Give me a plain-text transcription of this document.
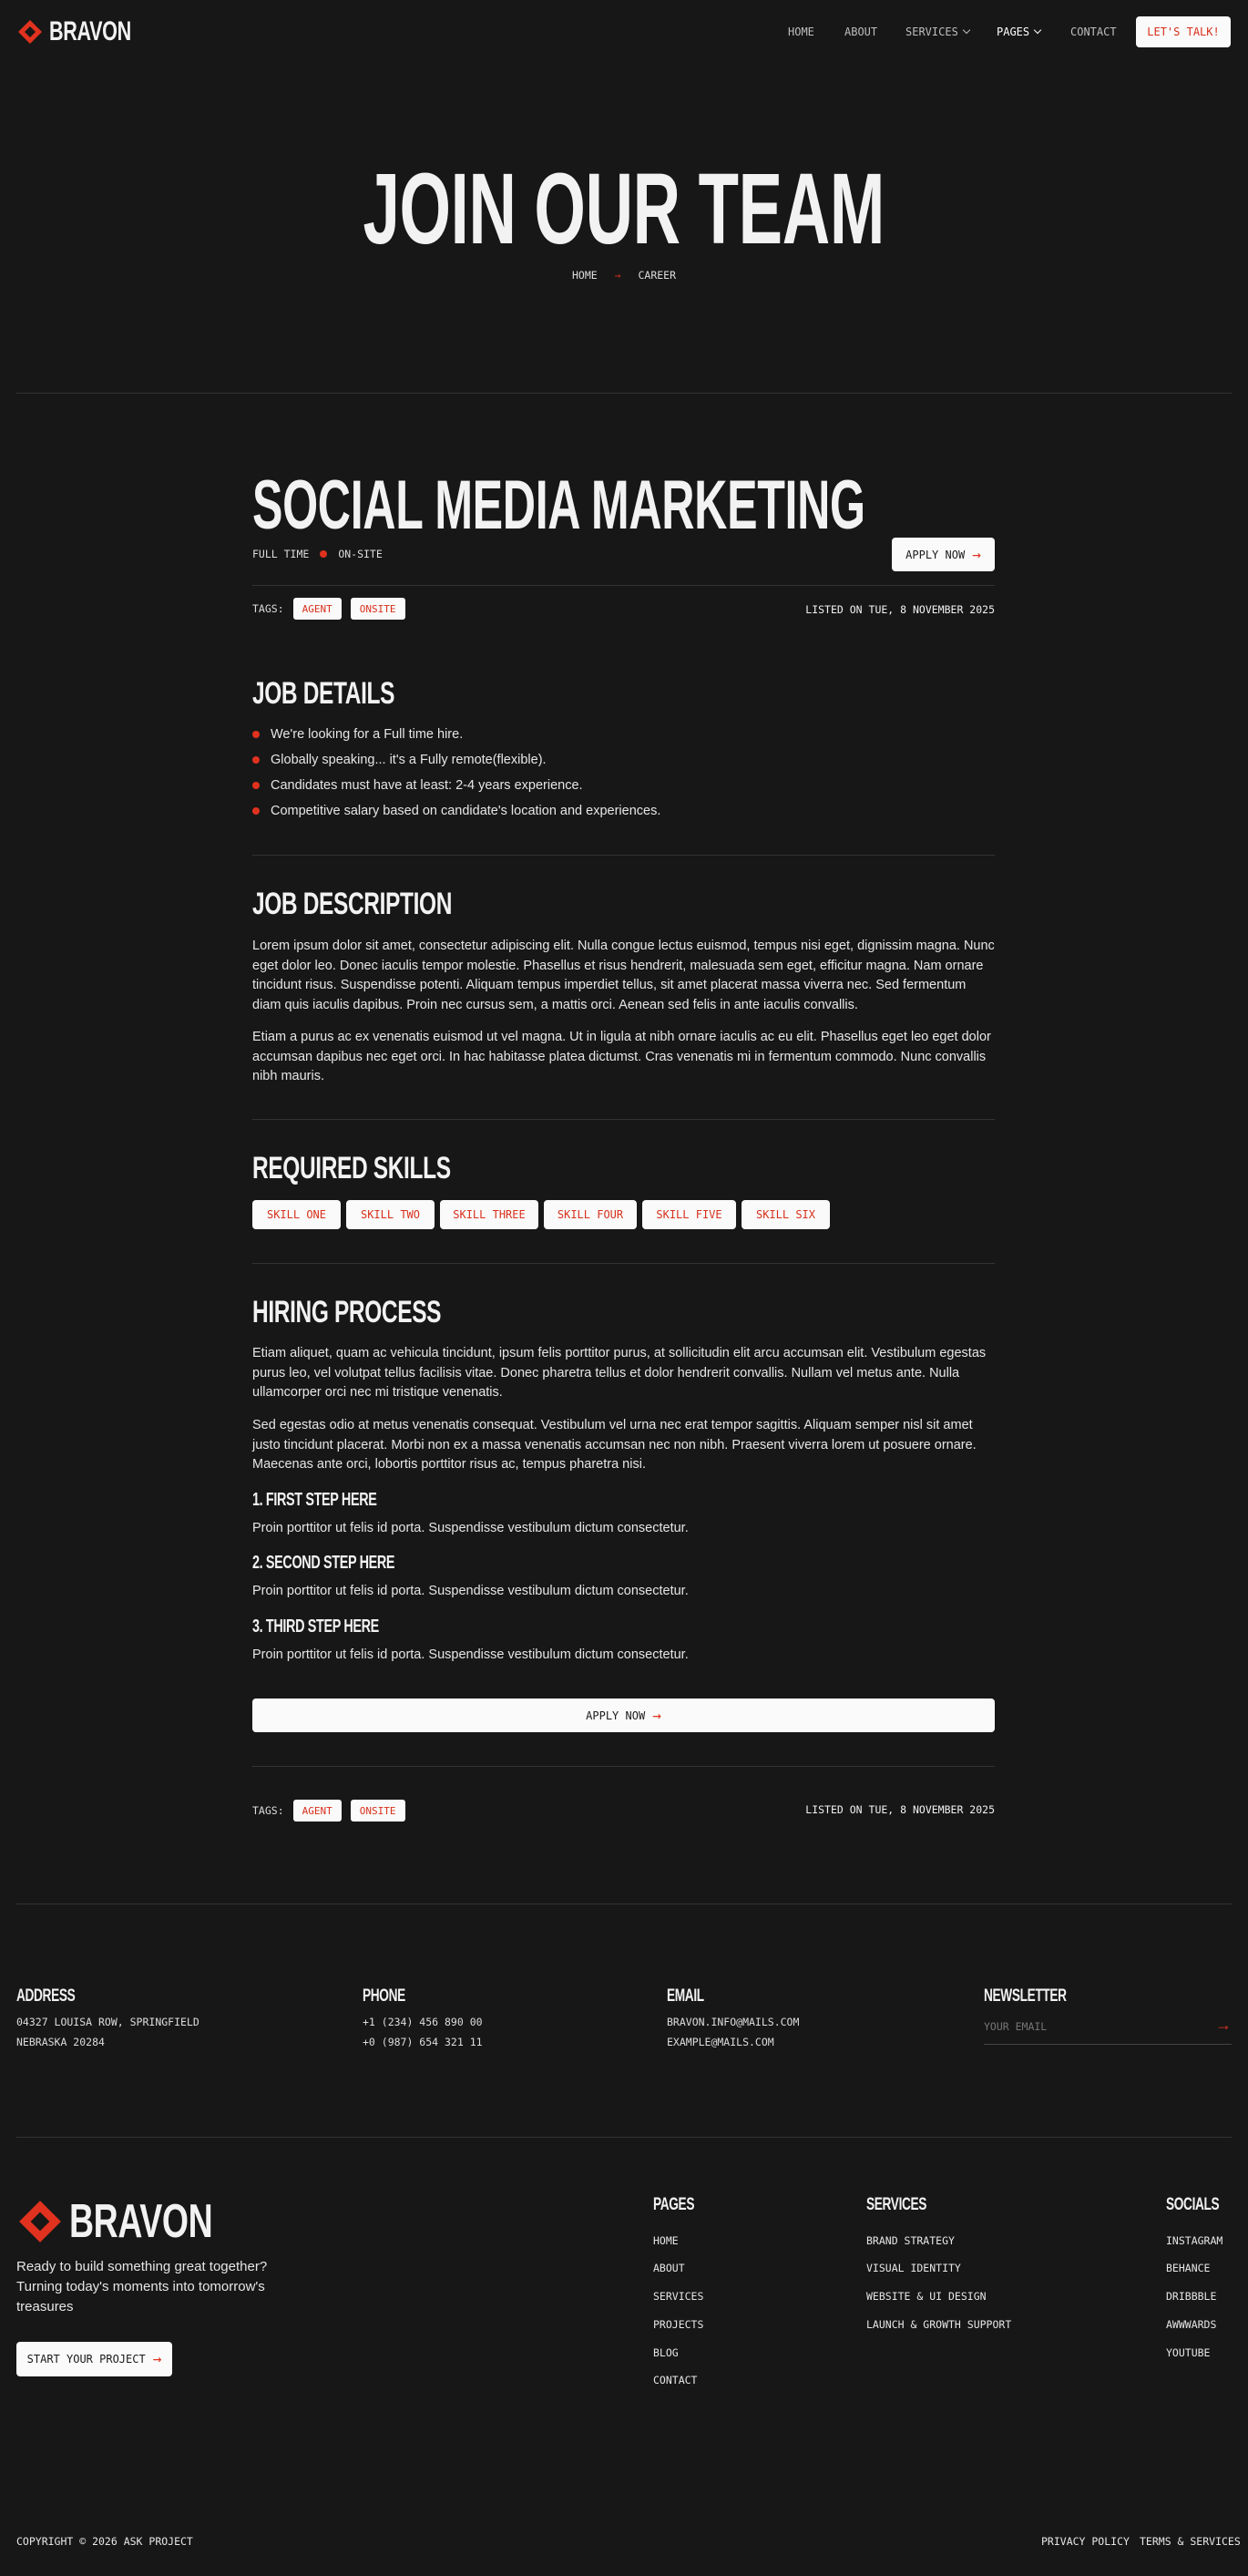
BRAVON	HOME	ABOUT	SERVICES	PAGES	CONTACT	LET'S TALK!
JOIN OUR TEAM
HOME → CAREER
SOCIAL MEDIA MARKETING
FULL TIME	ON-SITE	APPLY NOW →
TAGS:	AGENT	ONSITE	LISTED ON TUE, 8 NOVEMBER 2025
JOB DETAILS
We're looking for a Full time hire.
Globally speaking... it's a Fully remote(flexible).
Candidates must have at least: 2-4 years experience.
Competitive salary based on candidate's location and experiences.
JOB DESCRIPTION

Lorem ipsum dolor sit amet, consectetur adipiscing elit. Nulla congue lectus euismod, tempus nisi eget, dignissim magna. Nunc eget dolor leo. Donec iaculis tempor molestie. Phasellus et risus hendrerit, malesuada sem eget, efficitur magna. Nam ornare tincidunt risus. Suspendisse potenti. Aliquam tempus imperdiet tellus, sit amet placerat massa viverra nec. Sed fermentum diam quis iaculis dapibus. Proin nec cursus sem, a mattis orci. Aenean sed felis in ante iaculis convallis.

Etiam a purus ac ex venenatis euismod ut vel magna. Ut in ligula at nibh ornare iaculis ac eu elit. Phasellus eget leo eget dolor accumsan dapibus nec eget orci. In hac habitasse platea dictumst. Cras venenatis mi in fermentum commodo. Nunc convallis nibh mauris.

REQUIRED SKILLS
SKILL ONE	SKILL TWO	SKILL THREE	SKILL FOUR	SKILL FIVE	SKILL SIX
HIRING PROCESS

Etiam aliquet, quam ac vehicula tincidunt, ipsum felis porttitor purus, at sollicitudin elit arcu accumsan elit. Vestibulum egestas purus leo, vel volutpat tellus facilisis vitae. Donec pharetra tellus et dolor hendrerit convallis. Nullam vel metus ante. Nulla ullamcorper orci nec mi tristique venenatis.

Sed egestas odio at metus venenatis consequat. Vestibulum vel urna nec erat tempor sagittis. Aliquam semper nisl sit amet justo tincidunt placerat. Morbi non ex a massa venenatis accumsan nec non nibh. Praesent viverra lorem ut posuere ornare. Maecenas ante orci, lobortis porttitor risus ac, tempus pharetra nisi.

1. FIRST STEP HERE

Proin porttitor ut felis id porta. Suspendisse vestibulum dictum consectetur.

2. SECOND STEP HERE

Proin porttitor ut felis id porta. Suspendisse vestibulum dictum consectetur.

3. THIRD STEP HERE

Proin porttitor ut felis id porta. Suspendisse vestibulum dictum consectetur.

APPLY NOW →
TAGS:	AGENT	ONSITE	LISTED ON TUE, 8 NOVEMBER 2025
ADDRESS
04327 LOUISA ROW, SPRINGFIELD
NEBRASKA 20284
PHONE
+1 (234) 456 890 00
+0 (987) 654 321 11
EMAIL
BRAVON.INFO@MAILS.COM
EXAMPLE@MAILS.COM
NEWSLETTER
YOUR EMAIL
→
BRAVON

Ready to build something great together? Turning today's moments into tomorrow's treasures

START YOUR PROJECT →
PAGES
HOME
ABOUT
SERVICES
PROJECTS
BLOG
CONTACT
SERVICES
BRAND STRATEGY
VISUAL IDENTITY
WEBSITE & UI DESIGN
LAUNCH & GROWTH SUPPORT
SOCIALS
INSTAGRAM
BEHANCE
DRIBBBLE
AWWWARDS
YOUTUBE
COPYRIGHT © 2026 ASK PROJECT	PRIVACY POLICY TERMS & SERVICES
